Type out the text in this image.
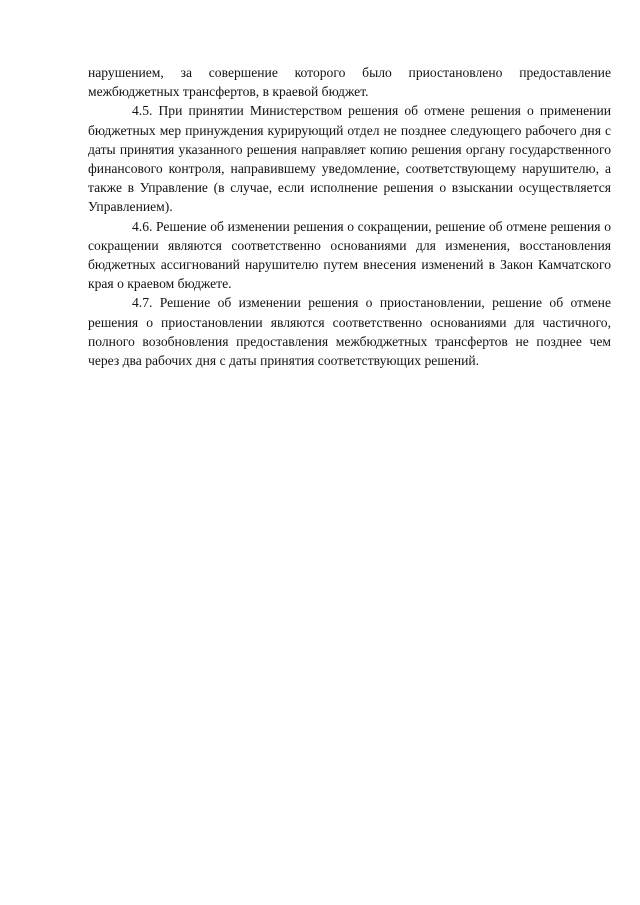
нарушением, за совершение которого было приостановлено предоставление межбюджетных трансфертов, в краевой бюджет.

4.5. При принятии Министерством решения об отмене решения о применении бюджетных мер принуждения курирующий отдел не позднее следующего рабочего дня с даты принятия указанного решения направляет копию решения органу государственного финансового контроля, направившему уведомление, соответствующему нарушителю, а также в Управление (в случае, если исполнение решения о взыскании осуществляется Управлением).

4.6. Решение об изменении решения о сокращении, решение об отмене решения о сокращении являются соответственно основаниями для изменения, восстановления бюджетных ассигнований нарушителю путем внесения изменений в Закон Камчатского края о краевом бюджете.

4.7. Решение об изменении решения о приостановлении, решение об отмене решения о приостановлении являются соответственно основаниями для частичного, полного возобновления предоставления межбюджетных трансфертов не позднее чем через два рабочих дня с даты принятия соответствующих решений.
